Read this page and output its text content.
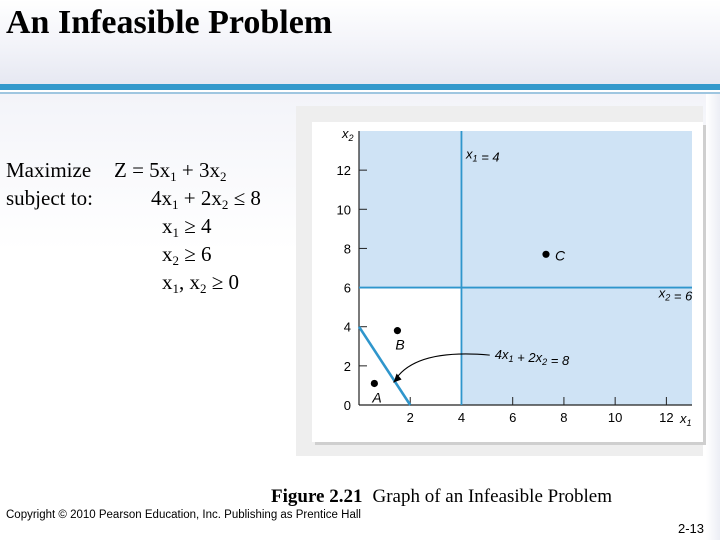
An Infeasible Problem
Maximize $Z = 5x_1 + 3x_2$
subject to:	$4x_1 + 2x_2 \le 8$
$x_1 \ge 4$
$x_2 \ge 6$
$x_1$, $x_2 \ge 0$
0
2
4
6
8
10
12
2	4	6	8	10	12
$x_2$
$x_1$
A
B
C
$x_1 = 4$
$x_2 = 6$
$4x_1 + 2x_2 = 8$
Figure 2.21 Graph of an Infeasible Problem
Copyright © 2010 Pearson Education, Inc. Publishing as Prentice Hall
2-13
